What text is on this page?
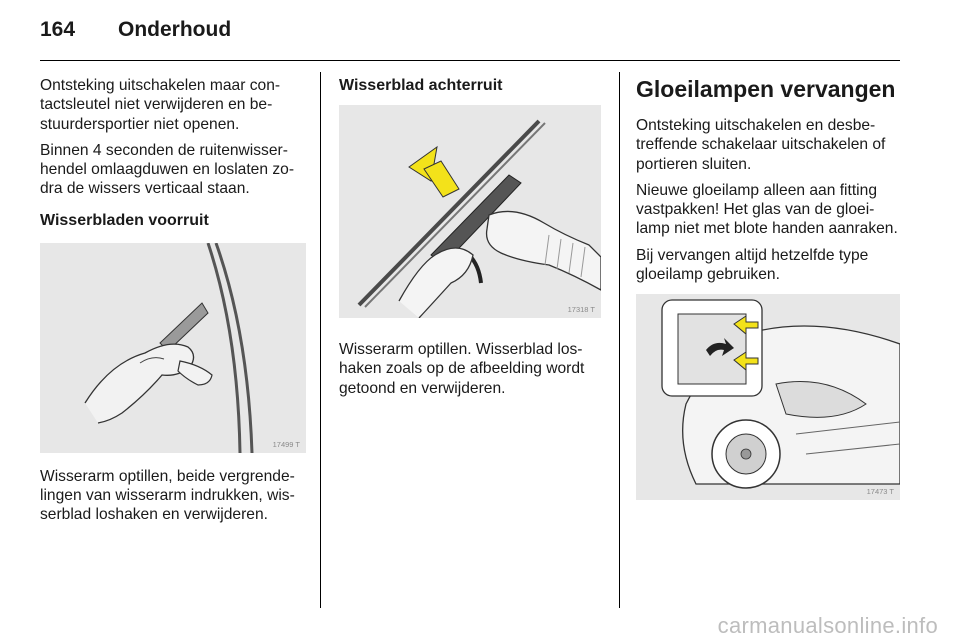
164 Onderhoud

Ontsteking uitschakelen maar con-tactsleutel niet verwijderen en be-stuurdersportier niet openen.

Binnen 4 seconden de ruitenwisser-hendel omlaagduwen en loslaten zo-dra de wissers verticaal staan.

Wisserbladen voorruit
17499 T

Wisserarm optillen, beide vergrende-lingen van wisserarm indrukken, wis-serblad loshaken en verwijderen.

Wisserblad achterruit
17318 T

Wisserarm optillen. Wisserblad los-haken zoals op de afbeelding wordt getoond en verwijderen.

Gloeilampen vervangen

Ontsteking uitschakelen en desbe-treffende schakelaar uitschakelen of portieren sluiten.

Nieuwe gloeilamp alleen aan fitting vastpakken! Het glas van de gloei-lamp niet met blote handen aanraken.

Bij vervangen altijd hetzelfde type gloeilamp gebruiken.

17473 T
carmanualsonline.info
